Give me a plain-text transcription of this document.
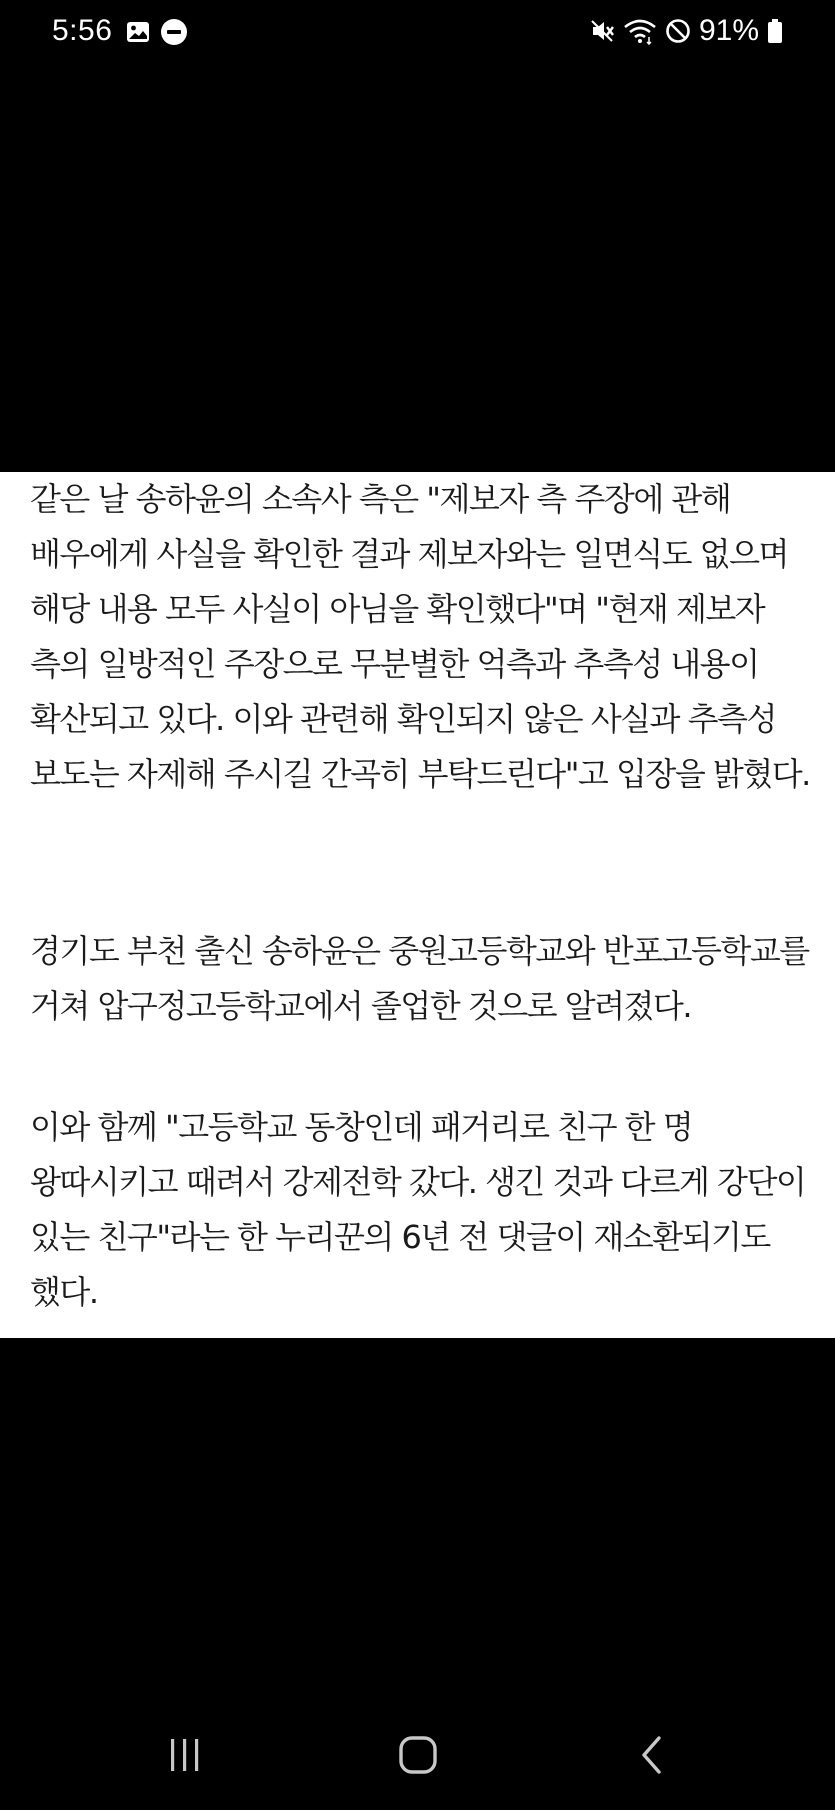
5:56	91%

같은 날 송하윤의 소속사 측은 "제보자 측 주장에 관해 배우에게 사실을 확인한 결과 제보자와는 일면식도 없으며 해당 내용 모두 사실이 아님을 확인했다"며 "현재 제보자 측의 일방적인 주장으로 무분별한 억측과 추측성 내용이 확산되고 있다. 이와 관련해 확인되지 않은 사실과 추측성 보도는 자제해 주시길 간곡히 부탁드린다"고 입장을 밝혔다.

경기도 부천 출신 송하윤은 중원고등학교와 반포고등학교를 거쳐 압구정고등학교에서 졸업한 것으로 알려졌다.

이와 함께 "고등학교 동창인데 패거리로 친구 한 명 왕따시키고 때려서 강제전학 갔다. 생긴 것과 다르게 강단이 있는 친구"라는 한 누리꾼의 6년 전 댓글이 재소환되기도 했다.
